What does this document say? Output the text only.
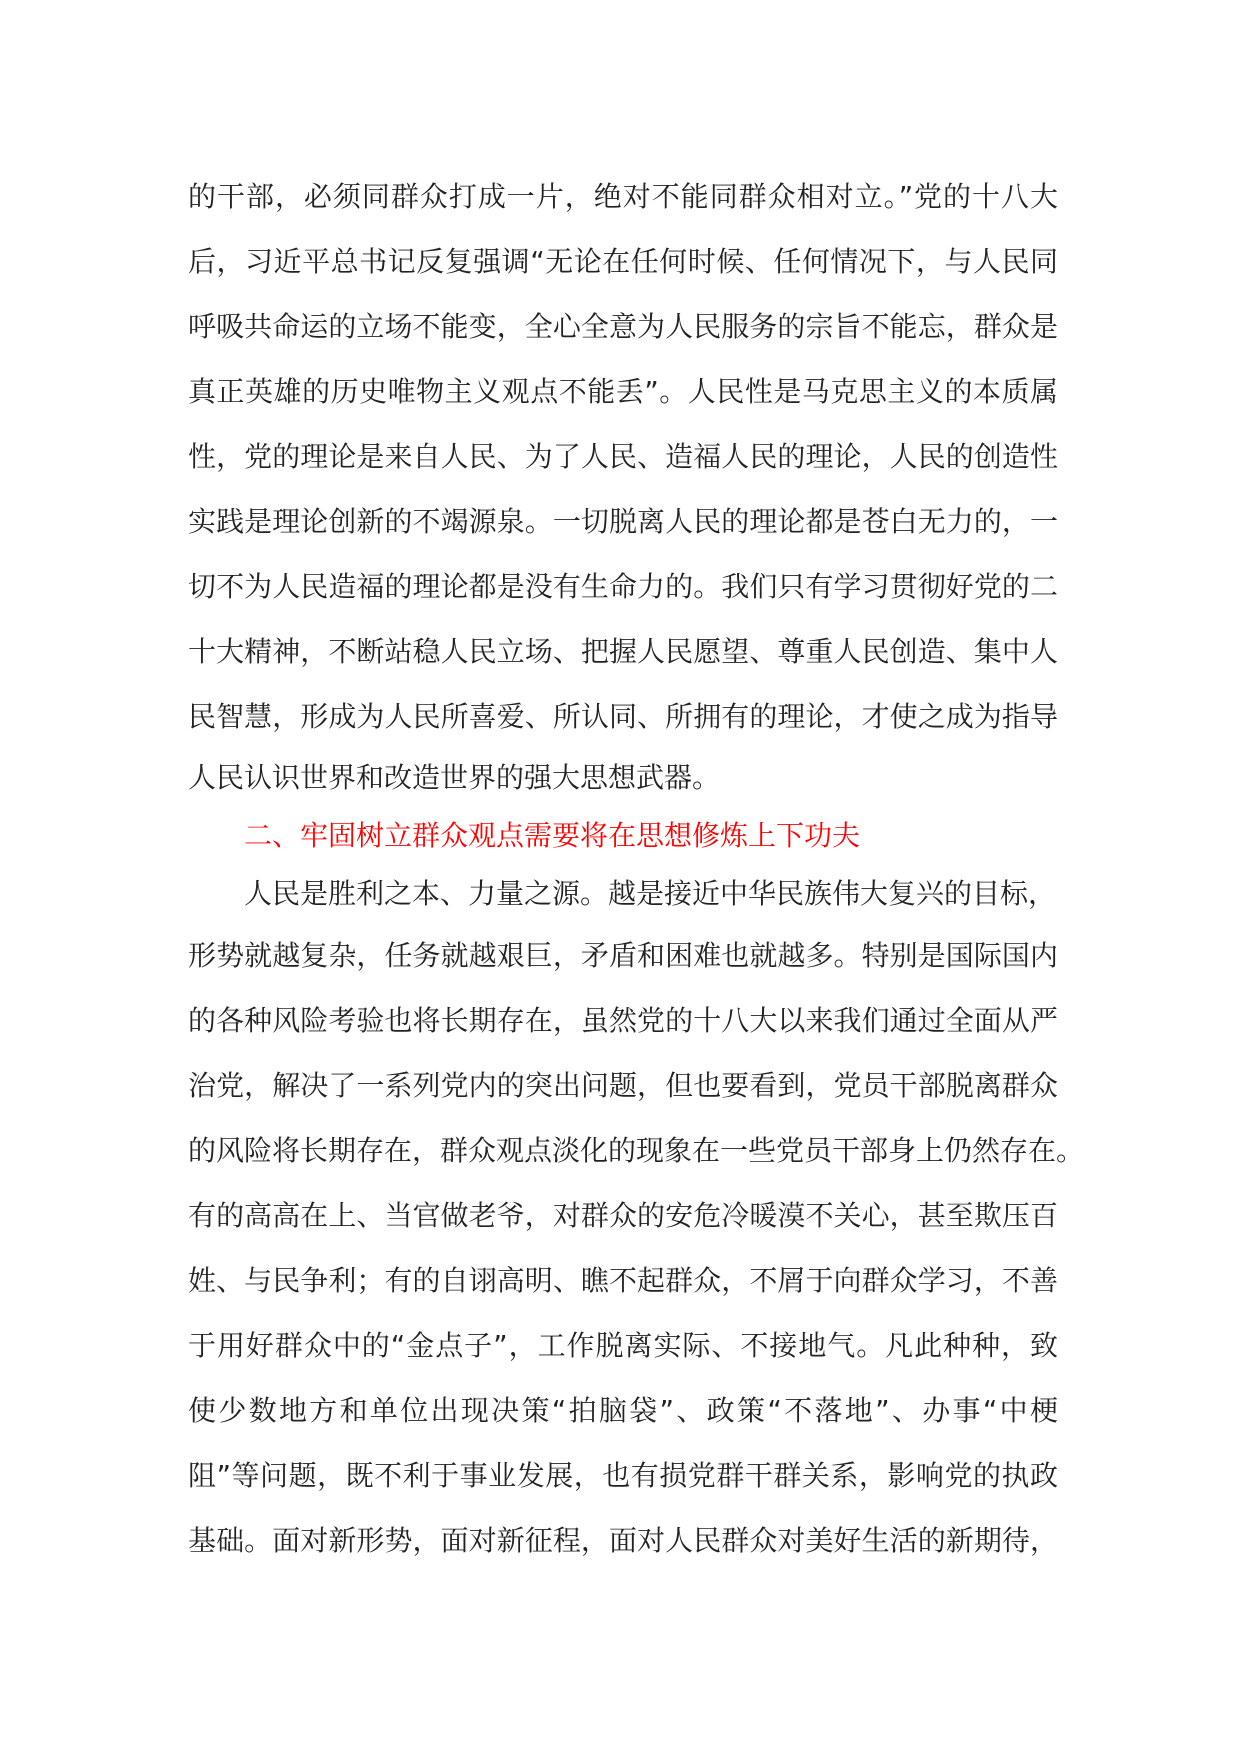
的干部，必须同群众打成一片，绝对不能同群众相对立。”党的十八大
后，习近平总书记反复强调“无论在任何时候、任何情况下，与人民同
呼吸共命运的立场不能变，全心全意为人民服务的宗旨不能忘，群众是
真正英雄的历史唯物主义观点不能丢”。人民性是马克思主义的本质属
性，党的理论是来自人民、为了人民、造福人民的理论，人民的创造性
实践是理论创新的不竭源泉。一切脱离人民的理论都是苍白无力的，一
切不为人民造福的理论都是没有生命力的。我们只有学习贯彻好党的二
十大精神，不断站稳人民立场、把握人民愿望、尊重人民创造、集中人
民智慧，形成为人民所喜爱、所认同、所拥有的理论，才使之成为指导
人民认识世界和改造世界的强大思想武器。
二、牢固树立群众观点需要将在思想修炼上下功夫
人民是胜利之本、力量之源。越是接近中华民族伟大复兴的目标，
形势就越复杂，任务就越艰巨，矛盾和困难也就越多。特别是国际国内
的各种风险考验也将长期存在，虽然党的十八大以来我们通过全面从严
治党，解决了一系列党内的突出问题，但也要看到，党员干部脱离群众
的风险将长期存在，群众观点淡化的现象在一些党员干部身上仍然存在。
有的高高在上、当官做老爷，对群众的安危冷暖漠不关心，甚至欺压百
姓、与民争利；有的自诩高明、瞧不起群众，不屑于向群众学习，不善
于用好群众中的“金点子”，工作脱离实际、不接地气。凡此种种，致
使少数地方和单位出现决策“拍脑袋”、政策“不落地”、办事“中梗
阻”等问题，既不利于事业发展，也有损党群干群关系，影响党的执政
基础。面对新形势，面对新征程，面对人民群众对美好生活的新期待，
